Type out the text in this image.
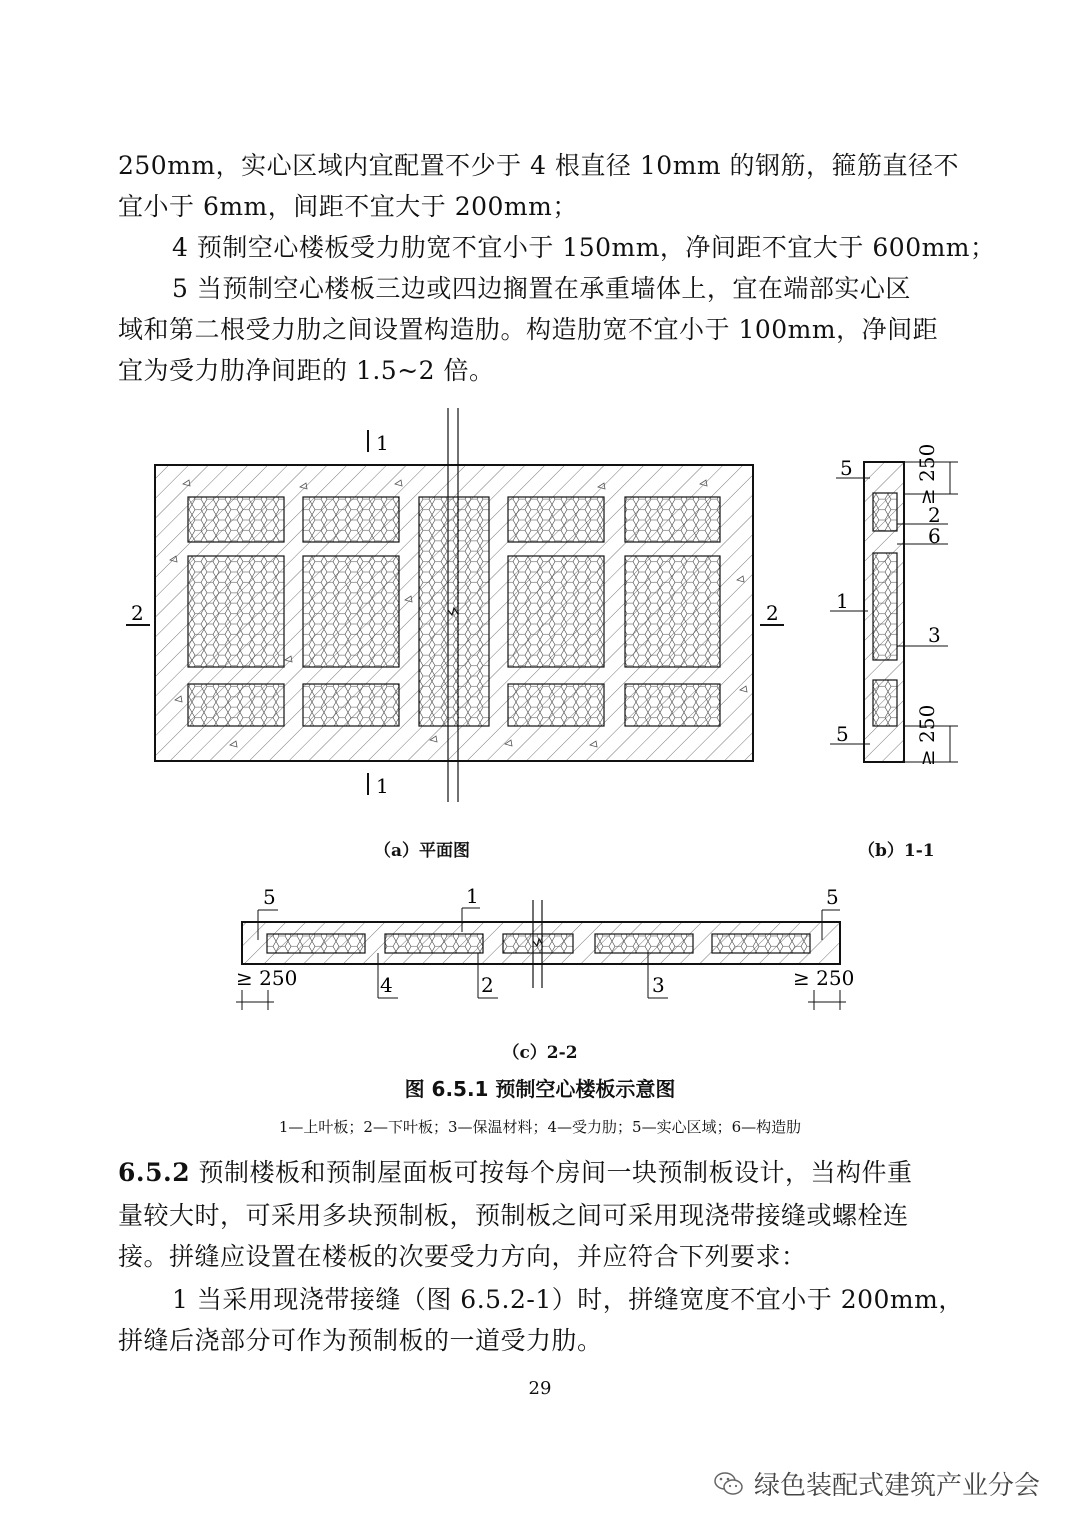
250mm，实心区域内宜配置不少于 4 根直径 10mm 的钢筋，箍筋直径不
宜小于 6mm，间距不宜大于 200mm；
4 预制空心楼板受力肋宽不宜小于 150mm，净间距不宜大于 600mm；
5 当预制空心楼板三边或四边搁置在承重墙体上，宜在端部实心区
域和第二根受力肋之间设置构造肋。构造肋宽不宜小于 100mm，净间距
宜为受力肋净间距的 1.5~2 倍。
1
1
2	2
5
2
6
1
3
5
≥ 250
≥ 250
5	1	5
4	2	3
≥ 250	≥ 250
（a）平面图	（b）1-1
（c）2-2
图 6.5.1 预制空心楼板示意图
1—上叶板；2—下叶板；3—保温材料；4—受力肋；5—实心区域；6—构造肋
6.5.2 预制楼板和预制屋面板可按每个房间一块预制板设计，当构件重
量较大时，可采用多块预制板，预制板之间可采用现浇带接缝或螺栓连
接。拼缝应设置在楼板的次要受力方向，并应符合下列要求：
1 当采用现浇带接缝（图 6.5.2-1）时，拼缝宽度不宜小于 200mm，
拼缝后浇部分可作为预制板的一道受力肋。
29
绿色装配式建筑产业分会
